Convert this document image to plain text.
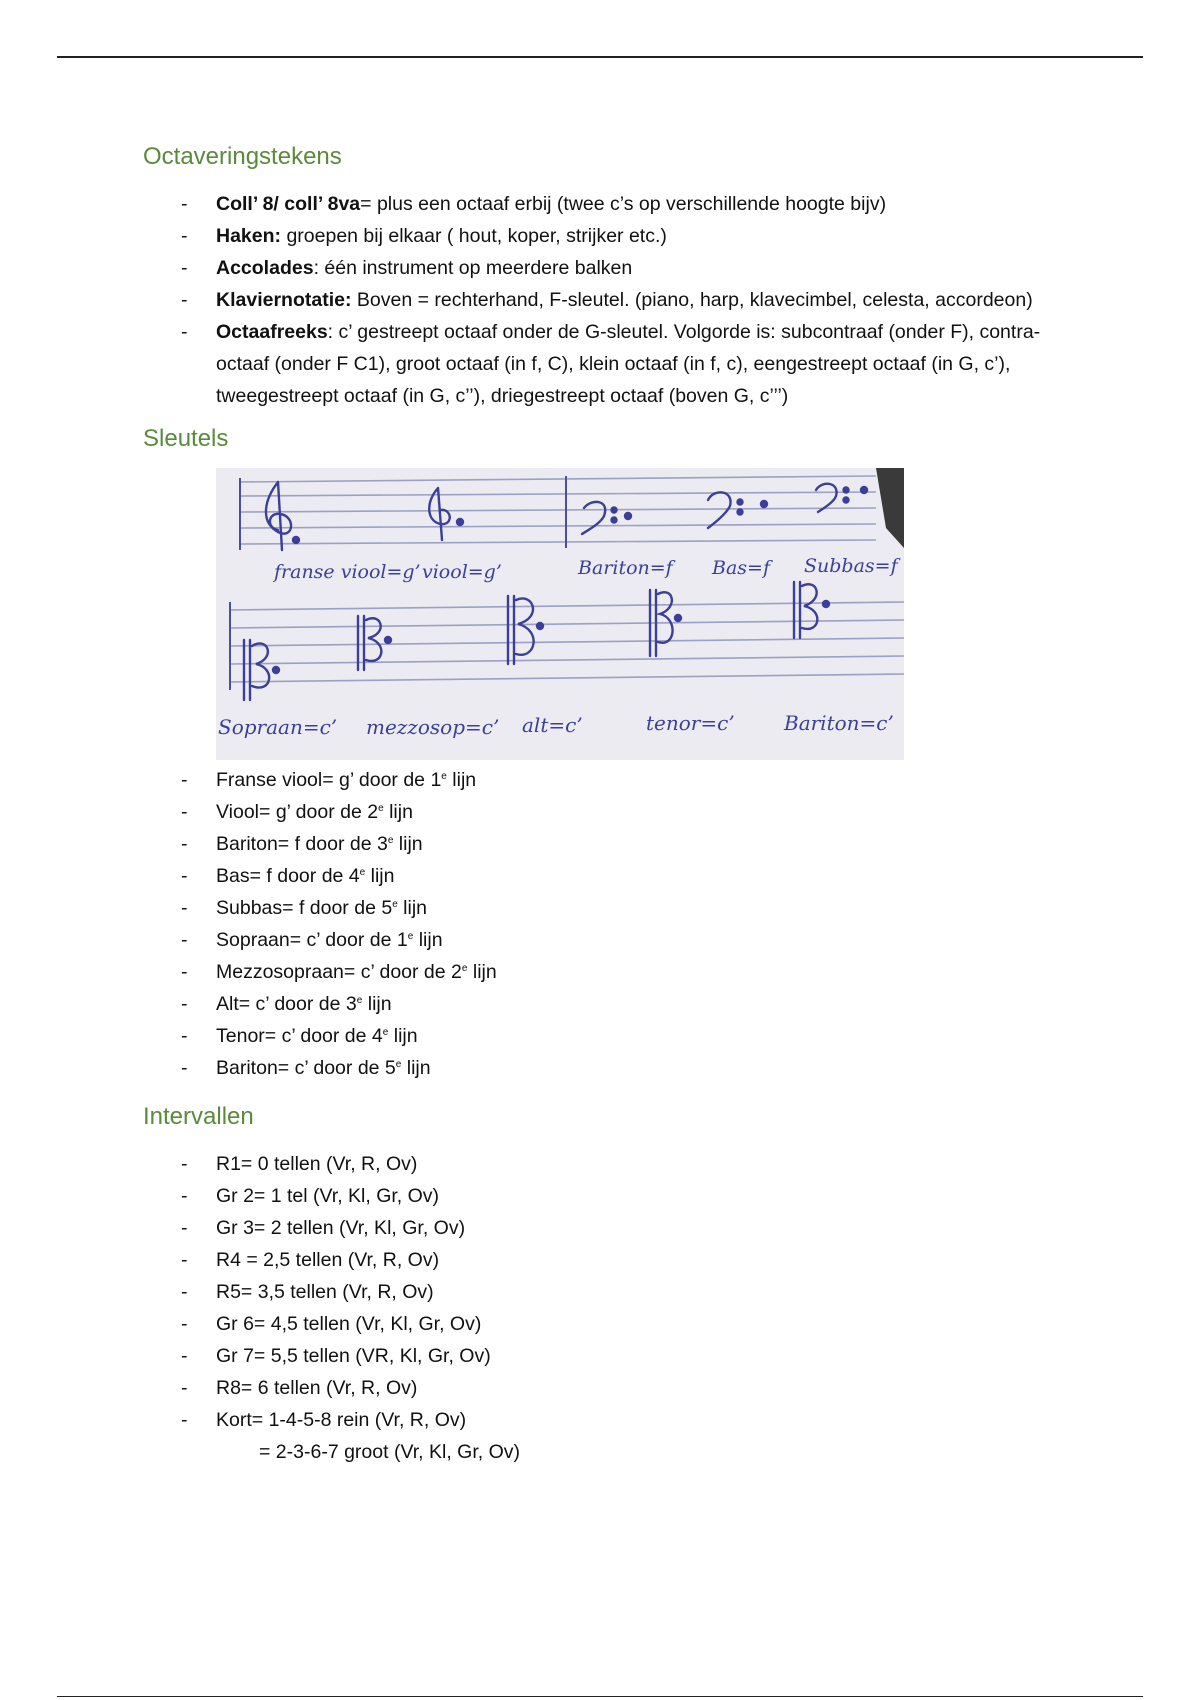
Octaveringstekens
- Coll’ 8/ coll’ 8va= plus een octaaf erbij (twee c’s op verschillende hoogte bijv)
- Haken: groepen bij elkaar ( hout, koper, strijker etc.)
- Accolades: één instrument op meerdere balken
- Klaviernotatie: Boven = rechterhand, F-sleutel. (piano, harp, klavecimbel, celesta, accordeon)
- Octaafreeks: c’ gestreept octaaf onder de G-sleutel. Volgorde is: subcontraaf (onder F), contra-octaaf (onder F C1), groot octaaf (in f, C), klein octaaf (in f, c), eengestreept octaaf (in G, c’), tweegestreept octaaf (in G, c’’), driegestreept octaaf (boven G, c’’’)
Sleutels
franse viool=g’ viool=g’	Bariton=f Bas=f Subbas=f
Sopraan=c’ mezzosop=c’ alt=c’	tenor=c’ Bariton=c’
- Franse viool= g’ door de 1e lijn
- Viool= g’ door de 2e lijn
- Bariton= f door de 3e lijn
- Bas= f door de 4e lijn
- Subbas= f door de 5e lijn
- Sopraan= c’ door de 1e lijn
- Mezzosopraan= c’ door de 2e lijn
- Alt= c’ door de 3e lijn
- Tenor= c’ door de 4e lijn
- Bariton= c’ door de 5e lijn
Intervallen
- R1= 0 tellen (Vr, R, Ov)
- Gr 2= 1 tel (Vr, Kl, Gr, Ov)
- Gr 3= 2 tellen (Vr, Kl, Gr, Ov)
- R4 = 2,5 tellen (Vr, R, Ov)
- R5= 3,5 tellen (Vr, R, Ov)
- Gr 6= 4,5 tellen (Vr, Kl, Gr, Ov)
- Gr 7= 5,5 tellen (VR, Kl, Gr, Ov)
- R8= 6 tellen (Vr, R, Ov)
- Kort= 1-4-5-8 rein (Vr, R, Ov)
= 2-3-6-7 groot (Vr, Kl, Gr, Ov)
